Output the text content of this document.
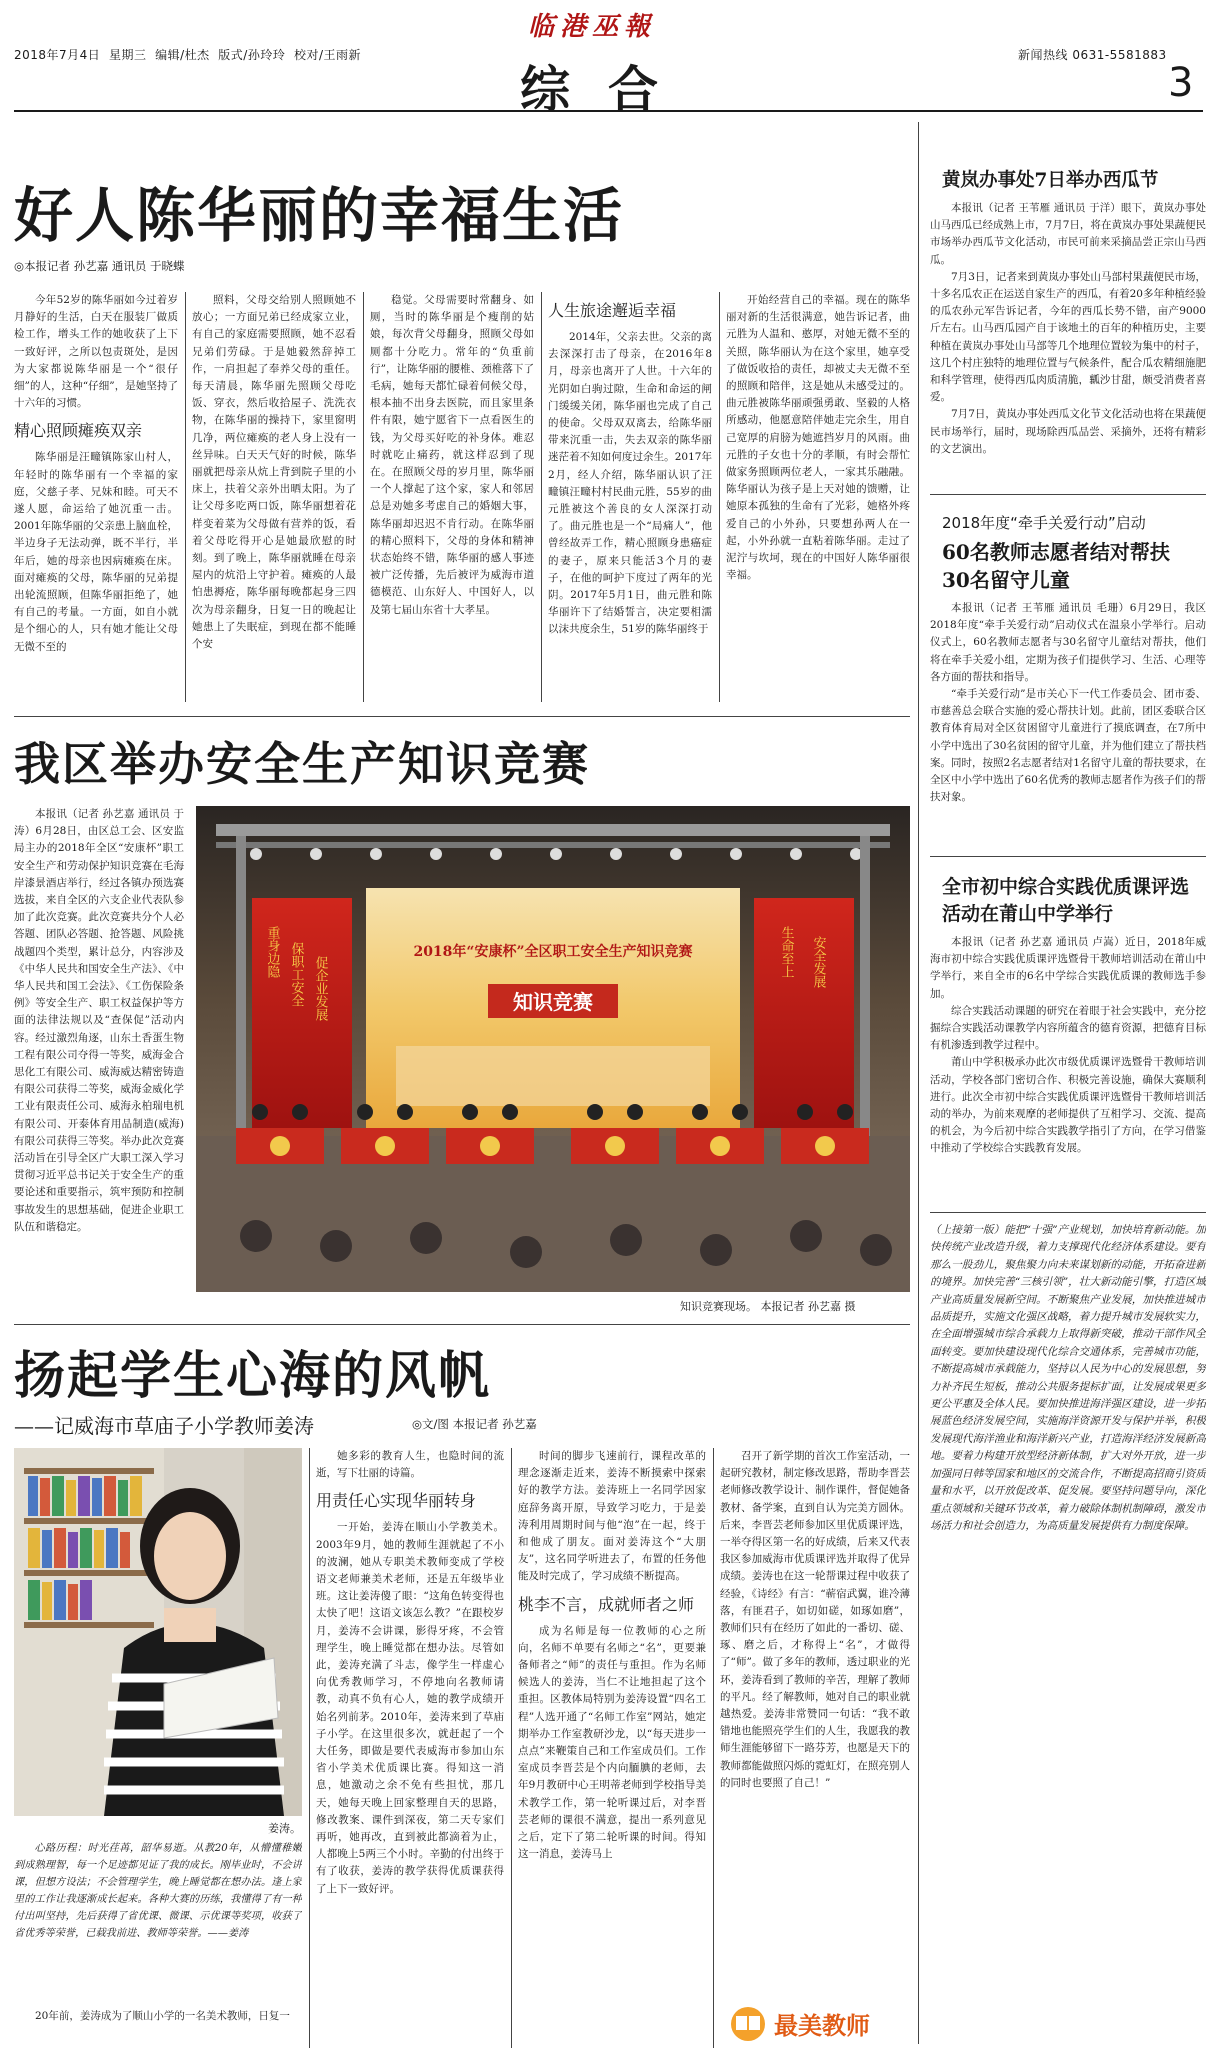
2018年7月4日 星期三 编辑/杜杰 版式/孙玲玲 校对/王雨新
临港巫報
综合
新闻热线 0631-5581883
3
好人陈华丽的幸福生活
◎本报记者 孙艺嘉 通讯员 于晓蝶

今年52岁的陈华丽如今过着岁月静好的生活，白天在服装厂做质检工作，增头工作的她收获了上下一致好评，之所以包责斑处，是因为大家都说陈华丽是一个“很仔细”的人，这种“仔细”，是她坚持了十六年的习惯。

精心照顾瘫痪双亲

陈华丽是汪疃镇陈家山村人，年轻时的陈华丽有一个幸福的家庭，父慈子孝、兄妹和睦。可天不遂人愿，命运给了她沉重一击。2001年陈华丽的父亲患上脑血栓，半边身子无法动弹，既不半行，半年后，她的母亲也因病瘫痪在床。面对瘫痪的父母，陈华丽的兄弟提出轮流照顾，但陈华丽拒绝了，她有自己的考量。一方面，如自小就是个细心的人，只有她才能让父母无微不至的

照料，父母交给别人照顾她不放心；一方面兄弟已经成家立业，有自己的家庭需要照顾，她不忍看兄弟们劳碌。于是她毅然辞掉工作，一肩担起了奉养父母的重任。每天清晨，陈华丽先照顾父母吃饭、穿衣，然后收拾屋子、洗洗衣物，在陈华丽的操持下，家里窗明几净，两位瘫痪的老人身上没有一丝异味。白天天气好的时候，陈华丽就把母亲从炕上背到院子里的小床上，扶着父亲外出晒太阳。为了让父母多吃两口饭，陈华丽想着花样变着菜为父母做有营养的饭，看着父母吃得开心是她最欣慰的时刻。到了晚上，陈华丽就睡在母亲屋内的炕沿上守护着。瘫痪的人最怕患褥疮，陈华丽每晚都起身三四次为母亲翻身，日复一日的晚起让她患上了失眠症，到现在都不能睡个安

稳觉。父母需要时常翻身、如厕，当时的陈华丽是个瘦削的姑娘，每次背父母翻身，照顾父母如厕都十分吃力。常年的“负重前行”，让陈华丽的腰椎、颈椎落下了毛病，她每天都忙碌着伺候父母，根本抽不出身去医院，而且家里条件有限，她宁愿省下一点看医生的钱，为父母买好吃的补身体。难忍时就吃止痛药，就这样忍到了现在。在照顾父母的岁月里，陈华丽一个人撑起了这个家，家人和邻居总是劝她多考虑自己的婚姻大事，陈华丽却迟迟不肯行动。在陈华丽的精心照料下，父母的身体和精神状态始终不错，陈华丽的感人事迹被广泛传播，先后被评为威海市道德模范、山东好人、中国好人，以及第七届山东省十大孝星。

人生旅途邂逅幸福

2014年，父亲去世。父亲的离去深深打击了母亲，在2016年8月，母亲也离开了人世。十六年的光阴如白驹过隙，生命和命运的闸门缓缓关闭，陈华丽也完成了自己的使命。父母双双离去，给陈华丽带来沉重一击，失去双亲的陈华丽迷茫着不知如何度过余生。2017年2月，经人介绍，陈华丽认识了汪疃镇汪疃村村民曲元胜，55岁的曲元胜被这个善良的女人深深打动了。曲元胜也是一个“局痛人”，他曾经故弄工作，精心照顾身患癌症的妻子，原来只能活3个月的妻子，在他的呵护下度过了两年的光阴。2017年5月1日，曲元胜和陈华丽许下了结婚誓言，决定要相濡以沫共度余生，51岁的陈华丽终于

开始经营自己的幸福。现在的陈华丽对新的生活很满意，她告诉记者，曲元胜为人温和、憨厚，对她无微不至的关照，陈华丽认为在这个家里，她享受了做饭收拾的责任，却被丈夫无微不至的照顾和陪伴，这是她从未感受过的。曲元胜被陈华丽顽强勇敢、坚毅的人格所感动，他愿意陪伴她走完余生，用自己宽厚的肩膀为她遮挡岁月的风雨。曲元胜的子女也十分的孝顺，有时会帮忙做家务照顾两位老人，一家其乐融融。陈华丽认为孩子是上天对她的馈赠，让她原本孤独的生命有了光彩，她格外疼爱自己的小外孙，只要想孙两人在一起，小外孙就一直粘着陈华丽。走过了泥泞与坎坷，现在的中国好人陈华丽很幸福。

我区举办安全生产知识竞赛

本报讯（记者 孙艺嘉 通讯员 于涛）6月28日，由区总工会、区安监局主办的2018年全区“安康杯”职工安全生产和劳动保护知识竞赛在毛海岸漆景酒店举行，经过各镇办预选赛选拔，来自全区的六支企业代表队参加了此次竞赛。此次竞赛共分个人必答题、团队必答题、抢答题、风险挑战题四个类型，累计总分，内容涉及《中华人民共和国安全生产法》、《中华人民共和国工会法》、《工伤保险条例》等安全生产、职工权益保护等方面的法律法规以及“查保促”活动内容。经过激烈角逐，山东土香蛋生物工程有限公司夺得一等奖，威海金合思化工有限公司、威海威达精密铸造有限公司获得二等奖，威海金威化学工业有限责任公司、威海永柏瑞电机有限公司、开泰体育用品制造(威海)有限公司获得三等奖。举办此次竞赛活动旨在引导全区广大职工深入学习贯彻习近平总书记关于安全生产的重要论述和重要指示，筑牢预防和控制事故发生的思想基础，促进企业职工队伍和谐稳定。

重身边隐 保职工安全 促企业发展
2018年“安康杯”全区职工安全生产知识竞赛
知识竞赛
生命至上 安全发展
知识竞赛现场。 本报记者 孙艺嘉 摄
扬起学生心海的风帆
——记威海市草庙子小学教师姜涛	◎文/图 本报记者 孙艺嘉
姜涛。

心路历程：时光荏苒，韶华易逝。从教20年，从懵懂稚嫩到成熟理智，每一个足迹都见证了我的成长。刚毕业时，不会讲课，但想方设法；不会管理学生，晚上睡觉都在想办法。逢上家里的工作让我逐渐成长起来。各种大赛的历练，我懂得了有一种付出叫坚持，先后获得了省优课、微课、示优课等奖项，收获了省优秀等荣誉，已载我前进、教师等荣誉。——姜涛

20年前，姜涛成为了顺山小学的一名美术教师，日复一

她多彩的教育人生，也隐时间的流逝，写下壮丽的诗篇。

用责任心实现华丽转身

一开始，姜涛在顺山小学教美术。2003年9月，她的教师生涯就起了不小的波澜，她从专职美术教师变成了学校语文老师兼美术老师，还是五年级毕业班。这让姜涛傻了眼：“这角色转变得也太快了吧！这语文该怎么教？”在跟校岁月，姜涛不会讲课，影得牙疼，不会管理学生，晚上睡觉都在想办法。尽管如此，姜涛充满了斗志，像学生一样虚心向优秀教师学习，不停地向名教师请教，动真不负有心人，她的教学成绩开始名列前茅。2010年，姜涛来到了草庙子小学。在这里很多次，就赶起了一个大任务，即做是要代表威海市参加山东省小学美术优质课比赛。得知这一消息，她激动之余不免有些担忧，那几天，她每天晚上回家整理自天的思路，修改教案、课件到深夜，第二天专家们再听，她再改，直到被此都滴着为止，人都晚上5两三个小时。辛勤的付出终于有了收获，姜涛的教学获得优质课获得了上下一致好评。

时间的脚步飞速前行，课程改革的理念逐渐走近来，姜涛不断摸索中探索好的教学方法。姜涛班上一名同学因家庭辞务离开原，导致学习吃力，于是姜涛利用周期时间与他“泡”在一起，终于和他成了朋友。面对姜涛这个“大朋友”，这名同学听进去了，布置的任务他能及时完成了，学习成绩不断提高。

桃李不言，成就师者之师

成为名师是每一位教师的心之所向，名师不单要有名师之“名”，更要兼备师者之“师”的责任与重担。作为名师候选人的姜涛，当仁不让地担起了这个重担。区教体局特别为姜涛设置“四名工程”人选开通了“名师工作室”网站，她定期举办工作室教研沙龙，以“每天进步一点点”来鞭策自己和工作室成员们。工作室成员李晋芸是个内向腼腆的老师，去年9月教研中心王明蒂老师到学校指导美术教学工作，第一轮听课过后，对李晋芸老师的课很不满意，提出一系列意见之后，定下了第二轮听课的时间。得知这一消息，姜涛马上

召开了新学期的首次工作室活动，一起研究教材，制定修改思路，帮助李晋芸老师修改教学设计、制作课件，督促她备教材、备学案，直到自认为完美方圆休。后来，李晋芸老师参加区里优质课评选，一举夺得区第一名的好成绩，后来又代表我区参加威海市优质课评选并取得了优异成绩。姜涛也在这一轮帮课过程中收获了经验，《诗经》有言：“蕲宿武翼，谁冷薄落，有匪君子，如切如磋，如琢如磨”，教师们只有在经历了如此的一番切、磋、琢、磨之后，才称得上“名”，才做得了“师”。做了多年的教师，透过职业的光环，姜涛看到了教师的辛苦，理解了教师的平凡。经了解教师，她对自己的职业就越热爱。姜涛非常赞同一句话：“我不敢错地也能照亮学生们的人生，我愿我的教师生涯能够留下一路芬芳，也愿是天下的教师都能做照闪烁的霓虹灯，在照亮别人的同时也要照了自己！”

最美教师
黄岚办事处7日举办西瓜节

本报讯（记者 王苇雁 通讯员 于洋）眼下，黄岚办事处山马西瓜已经成熟上市，7月7日，将在黄岚办事处果蔬便民市场举办西瓜节文化活动，市民可前来采摘品尝正宗山马西瓜。

7月3日，记者来到黄岚办事处山马部村果蔬便民市场，十多名瓜农正在运送自家生产的西瓜，有着20多年种植经验的瓜农孙元军告诉记者，今年的西瓜长势不错，亩产9000斤左右。山马西瓜园产自于该地土的百年的种植历史，主要种植在黄岚办事处山马部等几个地理位置较为集中的村子，这几个村庄独特的地理位置与气候条件，配合瓜农精细施肥和科学管理，使得西瓜肉质清脆，瓤沙甘甜，颇受消费者喜爱。

7月7日，黄岚办事处西瓜文化节文化活动也将在果蔬便民市场举行，届时，现场除西瓜品尝、采摘外，还将有精彩的文艺演出。

2018年度“牵手关爱行动”启动
60名教师志愿者结对帮扶30名留守儿童

本报讯（记者 王苇雁 通讯员 毛珊）6月29日，我区2018年度“牵手关爱行动”启动仪式在温泉小学举行。启动仪式上，60名教师志愿者与30名留守儿童结对帮扶，他们将在牵手关爱小组，定期为孩子们提供学习、生活、心理等各方面的帮扶和指导。

“牵手关爱行动”是市关心下一代工作委员会、团市委、市慈善总会联合实施的爱心帮扶计划。此前，团区委联合区教育体育局对全区贫困留守儿童进行了摸底调查，在7所中小学中选出了30名贫困的留守儿童，并为他们建立了帮扶档案。同时，按照2名志愿者结对1名留守儿童的帮扶要求，在全区中小学中选出了60名优秀的教师志愿者作为孩子们的帮扶对象。

全市初中综合实践优质课评选活动在莆山中学举行

本报讯（记者 孙艺嘉 通讯员 卢嵩）近日，2018年威海市初中综合实践优质课评选暨骨干教师培训活动在莆山中学举行，来自全市的6名中学综合实践优质课的教师选手参加。

综合实践活动课题的研究在着眼于社会实践中，充分挖掘综合实践活动课教学内容所蕴含的德育资源，把德育目标有机渗透到教学过程中。

莆山中学积极承办此次市级优质课评选暨骨干教师培训活动，学校各部门密切合作、积极完善设施，确保大赛顺利进行。此次全市初中综合实践优质课评选暨骨干教师培训活动的举办，为前来观摩的老师提供了互相学习、交流、提高的机会，为今后初中综合实践教学指引了方向，在学习借鉴中推动了学校综合实践教育发展。

（上接第一版）能把“十强”产业规划，加快培育新动能。加快传统产业改造升级，着力支撑现代化经济体系建设。要有那么一股劲儿，聚焦聚力向未来谋划新的动能，开拓奋进新的境界。加快完善“三核引领”，壮大新动能引擎，打造区域产业高质量发展新空间。不断聚焦产业发展，加快推进城市品质提升，实施文化强区战略，着力提升城市发展软实力，在全面增强城市综合承载力上取得新突破，推动干部作风全面转变。要加快建设现代化综合交通体系，完善城市功能，不断提高城市承载能力，坚持以人民为中心的发展思想，努力补齐民生短板，推动公共服务提标扩面，让发展成果更多更公平惠及全体人民。要加快推进海洋强区建设，进一步拓展蓝色经济发展空间，实施海洋资源开发与保护并举，积极发展现代海洋渔业和海洋新兴产业，打造海洋经济发展新高地。要着力构建开放型经济新体制，扩大对外开放，进一步加强同日韩等国家和地区的交流合作，不断提高招商引资质量和水平，以开放促改革、促发展。要坚持问题导向，深化重点领域和关键环节改革，着力破除体制机制障碍，激发市场活力和社会创造力，为高质量发展提供有力制度保障。
